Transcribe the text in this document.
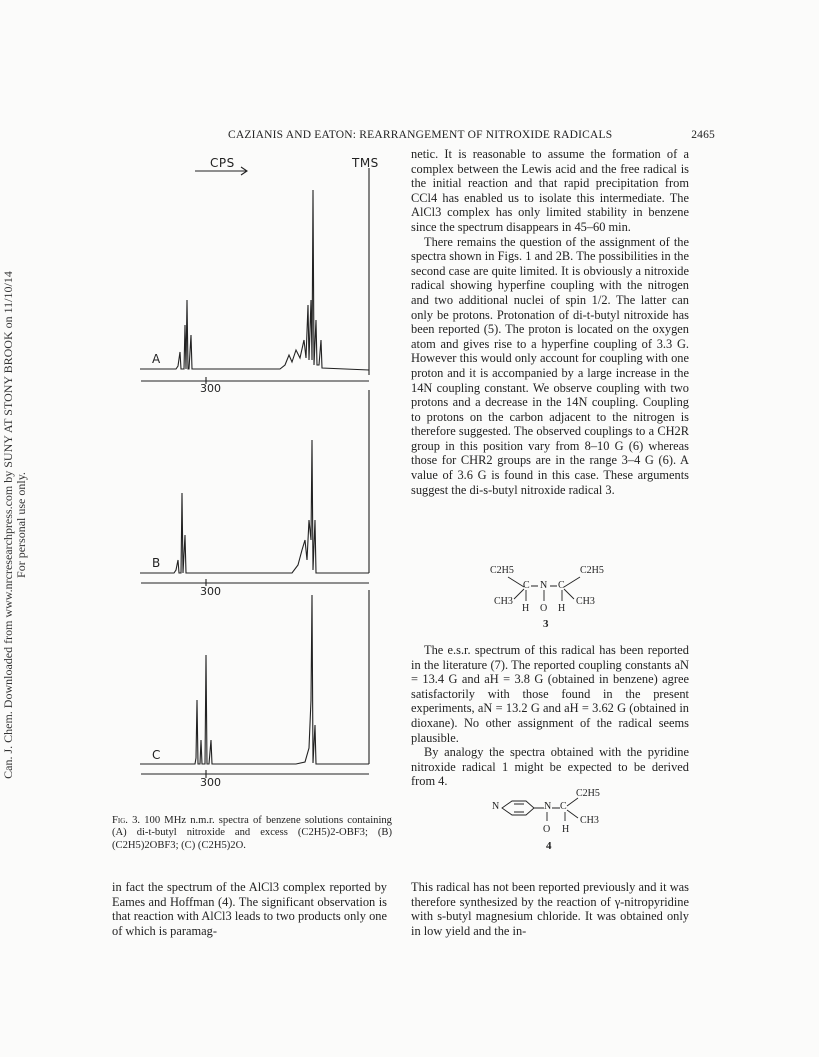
Can. J. Chem. Downloaded from www.nrcresearchpress.com by SUNY AT STONY BROOK on 11/10/14 For personal use only.
CAZIANIS AND EATON: REARRANGEMENT OF NITROXIDE RADICALS	2465
CPS	TMS
A
B
C
300
300
300
Fig. 3. 100 MHz n.m.r. spectra of benzene solutions containing (A) di-t-butyl nitroxide and excess (C2H5)2-OBF3; (B) (C2H5)2OBF3; (C) (C2H5)2O.

netic. It is reasonable to assume the formation of a complex between the Lewis acid and the free radical is the initial reaction and that rapid precipitation from CCl4 has enabled us to isolate this intermediate. The AlCl3 complex has only limited stability in benzene since the spectrum disappears in 45–60 min.

There remains the question of the assignment of the spectra shown in Figs. 1 and 2B. The possibilities in the second case are quite limited. It is obviously a nitroxide radical showing hyperfine coupling with the nitrogen and two additional nuclei of spin 1/2. The latter can only be protons. Protonation of di-t-butyl nitroxide has been reported (5). The proton is located on the oxygen atom and gives rise to a hyperfine coupling of 3.3 G. However this would only account for coupling with one proton and it is accompanied by a large increase in the 14N coupling constant. We observe coupling with two protons and a decrease in the 14N coupling. Coupling to protons on the carbon adjacent to the nitrogen is therefore suggested. The observed couplings to a CH2R group in this position vary from 8–10 G (6) whereas those for CHR2 groups are in the range 3–4 G (6). A value of 3.6 G is found in this case. These arguments suggest the di-s-butyl nitroxide radical 3.

C2H5	C2H5
C N C
CH3	CH3
H O H
3

The e.s.r. spectrum of this radical has been reported in the literature (7). The reported coupling constants aN = 13.4 G and aH = 3.8 G (obtained in benzene) agree satisfactorily with those found in the present experiments, aN = 13.2 G and aH = 3.62 G (obtained in dioxane). No other assignment of the radical seems plausible.

By analogy the spectra obtained with the pyridine nitroxide radical 1 might be expected to be derived from 4.

N	N C
C2H5
CH3
O H
4

in fact the spectrum of the AlCl3 complex reported by Eames and Hoffman (4). The significant observation is that reaction with AlCl3 leads to two products only one of which is paramag-

This radical has not been reported previously and it was therefore synthesized by the reaction of γ-nitropyridine with s-butyl magnesium chloride. It was obtained only in low yield and the in-
